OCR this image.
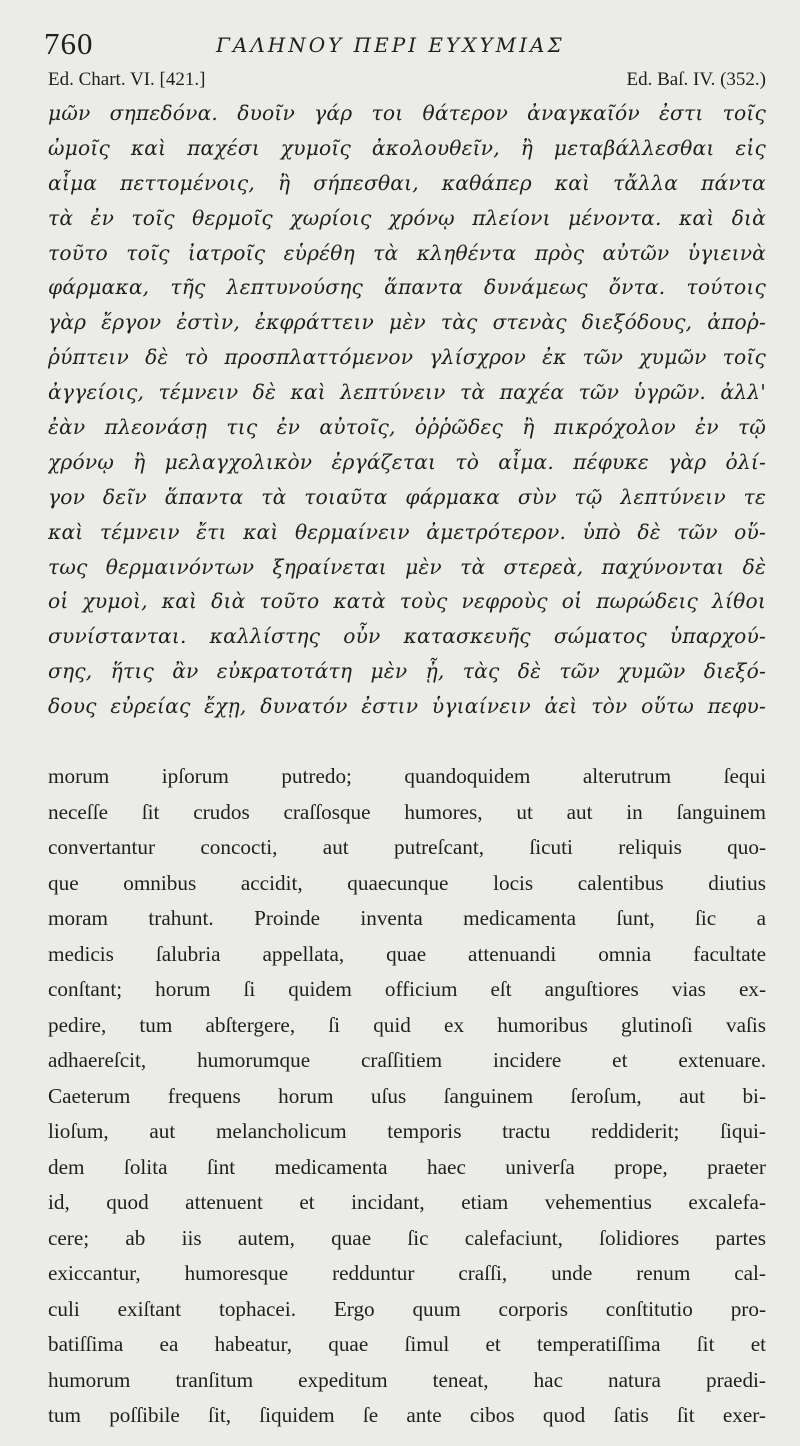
760	ΓΑΛΗΝΟΥ ΠΕΡΙ ΕΥΧΥΜΙΑΣ
Ed. Chart. VI. [421.]	Ed. Baſ. IV. (352.)
μῶν σηπεδόνα. δυοῖν γάρ τοι θάτερον ἀναγκαῖόν ἐστι τοῖς
ὠμοῖς καὶ παχέσι χυμοῖς ἀκολουθεῖν, ἢ μεταβάλλεσθαι εἰς
αἷμα πεττομένοις, ἢ σήπεσθαι, καθάπερ καὶ τἄλλα πάντα
τὰ ἐν τοῖς θερμοῖς χωρίοις χρόνῳ πλείονι μένοντα. καὶ διὰ
τοῦτο τοῖς ἰατροῖς εὑρέθη τὰ κληθέντα πρὸς αὐτῶν ὑγιεινὰ
φάρμακα, τῆς λεπτυνούσης ἅπαντα δυνάμεως ὄντα. τούτοις
γὰρ ἔργον ἐστὶν, ἐκφράττειν μὲν τὰς στενὰς διεξόδους, ἀποῤ-
ῥύπτειν δὲ τὸ προσπλαττόμενον γλίσχρον ἐκ τῶν χυμῶν τοῖς
ἀγγείοις, τέμνειν δὲ καὶ λεπτύνειν τὰ παχέα τῶν ὑγρῶν. ἀλλ'
ἐὰν πλεονάσῃ τις ἐν αὐτοῖς, ὀῤῥῶδες ἢ πικρόχολον ἐν τῷ
χρόνῳ ἢ μελαγχολικὸν ἐργάζεται τὸ αἷμα. πέφυκε γὰρ ὀλί-
γον δεῖν ἅπαντα τὰ τοιαῦτα φάρμακα σὺν τῷ λεπτύνειν τε
καὶ τέμνειν ἔτι καὶ θερμαίνειν ἀμετρότερον. ὑπὸ δὲ τῶν οὕ-
τως θερμαινόντων ξηραίνεται μὲν τὰ στερεὰ, παχύνονται δὲ
οἱ χυμοὶ, καὶ διὰ τοῦτο κατὰ τοὺς νεφροὺς οἱ πωρώδεις λίθοι
συνίστανται. καλλίστης οὖν κατασκευῆς σώματος ὑπαρχού-
σης, ἥτις ἂν εὐκρατοτάτη μὲν ᾖ, τὰς δὲ τῶν χυμῶν διεξό-
δους εὐρείας ἔχῃ, δυνατόν ἐστιν ὑγιαίνειν ἀεὶ τὸν οὕτω πεφυ-
morum ipſorum putredo; quandoquidem alterutrum ſequi
neceſſe ſit crudos craſſosque humores, ut aut in ſanguinem
convertantur concocti, aut putreſcant, ſicuti reliquis quo-
que omnibus accidit, quaecunque locis calentibus diutius
moram trahunt. Proinde inventa medicamenta ſunt, ſic a
medicis ſalubria appellata, quae attenuandi omnia facultate
conſtant; horum ſi quidem officium eſt anguſtiores vias ex-
pedire, tum abſtergere, ſi quid ex humoribus glutinoſi vaſis
adhaereſcit, humorumque craſſitiem incidere et extenuare.
Caeterum frequens horum uſus ſanguinem ſeroſum, aut bi-
lioſum, aut melancholicum temporis tractu reddiderit; ſiqui-
dem ſolita ſint medicamenta haec univerſa prope, praeter
id, quod attenuent et incidant, etiam vehementius excalefa-
cere; ab iis autem, quae ſic calefaciunt, ſolidiores partes
exiccantur, humoresque redduntur craſſi, unde renum cal-
culi exiſtant tophacei. Ergo quum corporis conſtitutio pro-
batiſſima ea habeatur, quae ſimul et temperatiſſima ſit et
humorum tranſitum expeditum teneat, hac natura praedi-
tum poſſibile ſit, ſiquidem ſe ante cibos quod ſatis ſit exer-
